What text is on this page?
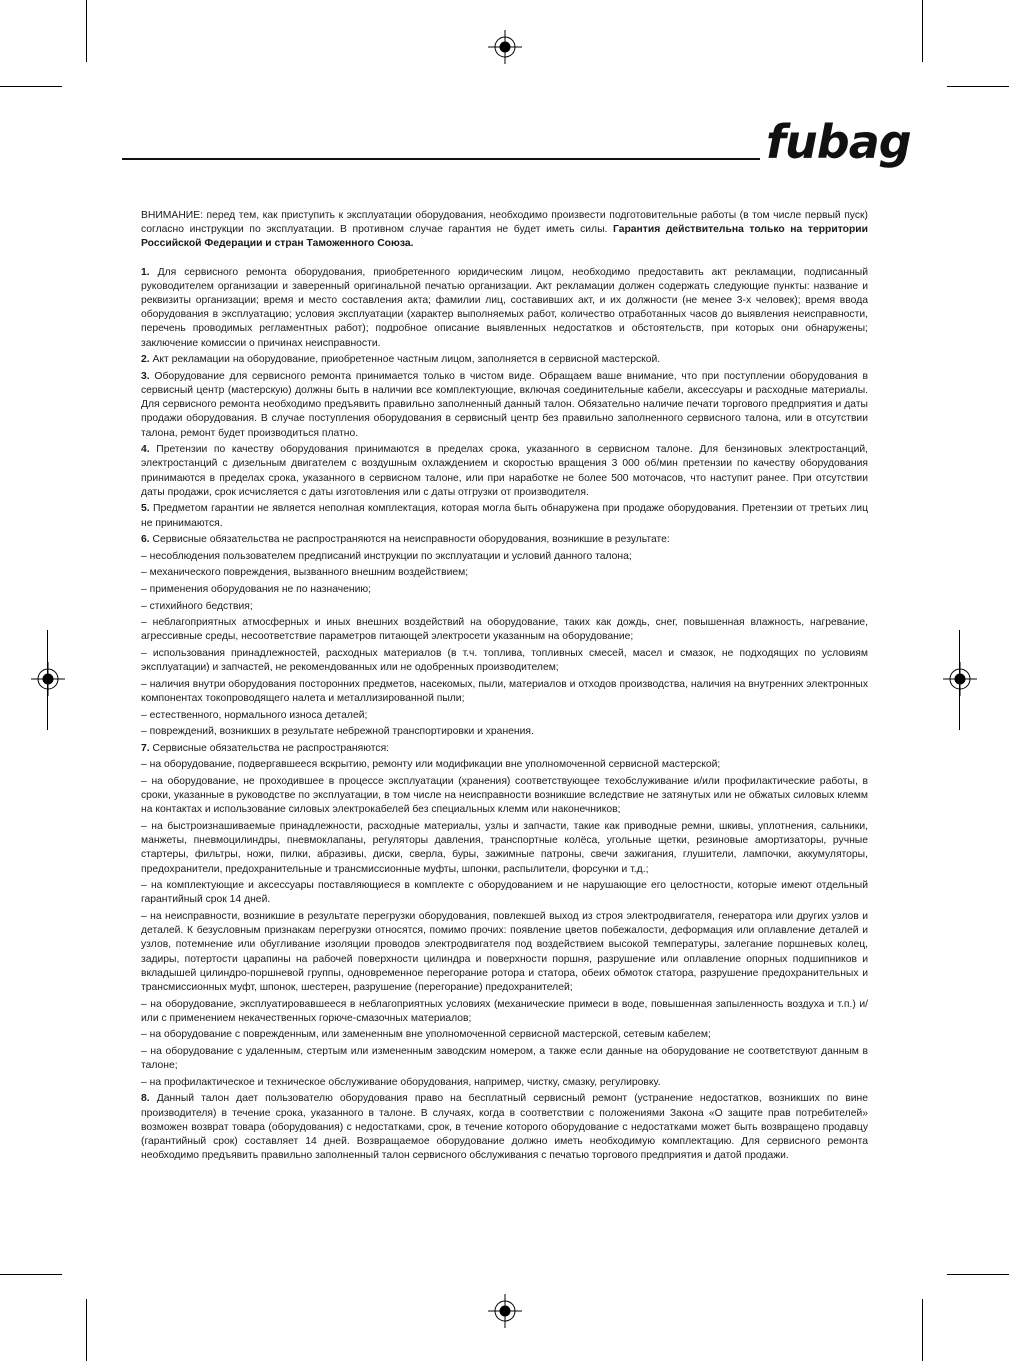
fubag

ВНИМАНИЕ: перед тем, как приступить к эксплуатации оборудования, необходимо произвести подготовительные работы (в том числе первый пуск) согласно инструкции по эксплуатации. В противном случае гарантия не будет иметь силы. Гарантия действительна только на территории Российской Федерации и стран Таможенного Союза.

1. Для сервисного ремонта оборудования, приобретенного юридическим лицом, необходимо предоставить акт рекламации, подписанный руководителем организации и заверенный оригинальной печатью организации. Акт рекламации должен содержать следующие пункты: название и реквизиты организации; время и место составления акта; фамилии лиц, составивших акт, и их должности (не менее 3-х человек); время ввода оборудования в эксплуатацию; условия эксплуатации (характер выполняемых работ, количество отработанных часов до выявления неисправности, перечень проводимых регламентных работ); подробное описание выявленных недостатков и обстоятельств, при которых они обнаружены; заключение комиссии о причинах неисправности.

2. Акт рекламации на оборудование, приобретенное частным лицом, заполняется в сервисной мастерской.

3. Оборудование для сервисного ремонта принимается только в чистом виде. Обращаем ваше внимание, что при поступлении оборудования в сервисный центр (мастерскую) должны быть в наличии все комплектующие, включая соединительные кабели, аксессуары и расходные материалы. Для сервисного ремонта необходимо предъявить правильно заполненный данный талон. Обязательно наличие печати торгового предприятия и даты продажи оборудования. В случае поступления оборудования в сервисный центр без правильно заполненного сервисного талона, или в отсутствии талона, ремонт будет производиться платно.

4. Претензии по качеству оборудования принимаются в пределах срока, указанного в сервисном талоне. Для бензиновых электростанций, электростанций с дизельным двигателем с воздушным охлаждением и скоростью вращения 3 000 об/мин претензии по качеству оборудования принимаются в пределах срока, указанного в сервисном талоне, или при наработке не более 500 моточасов, что наступит ранее. При отсутствии даты продажи, срок исчисляется с даты изготовления или с даты отгрузки от производителя.

5. Предметом гарантии не является неполная комплектация, которая могла быть обнаружена при продаже оборудования. Претензии от третьих лиц не принимаются.

6. Сервисные обязательства не распространяются на неисправности оборудования, возникшие в результате:

– несоблюдения пользователем предписаний инструкции по эксплуатации и условий данного талона;

– механического повреждения, вызванного внешним воздействием;

– применения оборудования не по назначению;

– стихийного бедствия;

– неблагоприятных атмосферных и иных внешних воздействий на оборудование, таких как дождь, снег, повышенная влажность, нагревание, агрессивные среды, несоответствие параметров питающей электросети указанным на оборудование;

– использования принадлежностей, расходных материалов (в т.ч. топлива, топливных смесей, масел и смазок, не подходящих по условиям эксплуатации) и запчастей, не рекомендованных или не одобренных производителем;

– наличия внутри оборудования посторонних предметов, насекомых, пыли, материалов и отходов производства, наличия на внутренних электронных компонентах токопроводящего налета и металлизированной пыли;

– естественного, нормального износа деталей;

– повреждений, возникших в результате небрежной транспортировки и хранения.

7. Сервисные обязательства не распространяются:

– на оборудование, подвергавшееся вскрытию, ремонту или модификации вне уполномоченной сервисной мастерской;

– на оборудование, не проходившее в процессе эксплуатации (хранения) соответствующее техобслуживание и/или профилактические работы, в сроки, указанные в руководстве по эксплуатации, в том числе на неисправности возникшие вследствие не затянутых или не обжатых силовых клемм на контактах и использование силовых электрокабелей без специальных клемм или наконечников;

– на быстроизнашиваемые принадлежности, расходные материалы, узлы и запчасти, такие как приводные ремни, шкивы, уплотнения, сальники, манжеты, пневмоцилиндры, пневмоклапаны, регуляторы давления, транспортные колёса, угольные щетки, резиновые амортизаторы, ручные стартеры, фильтры, ножи, пилки, абразивы, диски, сверла, буры, зажимные патроны, свечи зажигания, глушители, лампочки, аккумуляторы, предохранители, предохранительные и трансмиссионные муфты, шпонки, распылители, форсунки и т.д.;

– на комплектующие и аксессуары поставляющиеся в комплекте с оборудованием и не нарушающие его целостности, которые имеют отдельный гарантийный срок 14 дней.

– на неисправности, возникшие в результате перегрузки оборудования, повлекшей выход из строя электродвигателя, генератора или других узлов и деталей. К безусловным признакам перегрузки относятся, помимо прочих: появление цветов побежалости, деформация или оплавление деталей и узлов, потемнение или обугливание изоляции проводов электродвигателя под воздействием высокой температуры, залегание поршневых колец, задиры, потертости царапины на рабочей поверхности цилиндра и поверхности поршня, разрушение или оплавление опорных подшипников и вкладышей цилиндро-поршневой группы, одновременное перегорание ротора и статора, обеих обмоток статора, разрушение предохранительных и трансмиссионных муфт, шпонок, шестерен, разрушение (перегорание) предохранителей;

– на оборудование, эксплуатировавшееся в неблагоприятных условиях (механические примеси в воде, повышенная запыленность воздуха и т.п.) и/или с применением некачественных горюче-смазочных материалов;

– на оборудование с поврежденным, или замененным вне уполномоченной сервисной мастерской, сетевым кабелем;

– на оборудование с удаленным, стертым или измененным заводским номером, а также если данные на оборудование не соответствуют данным в талоне;

– на профилактическое и техническое обслуживание оборудования, например, чистку, смазку, регулировку.

8. Данный талон дает пользователю оборудования право на бесплатный сервисный ремонт (устранение недостатков, возникших по вине производителя) в течение срока, указанного в талоне. В случаях, когда в соответствии с положениями Закона «О защите прав потребителей» возможен возврат товара (оборудования) с недостатками, срок, в течение которого оборудование с недостатками может быть возвращено продавцу (гарантийный срок) составляет 14 дней. Возвращаемое оборудование должно иметь необходимую комплектацию. Для сервисного ремонта необходимо предъявить правильно заполненный талон сервисного обслуживания с печатью торгового предприятия и датой продажи.
